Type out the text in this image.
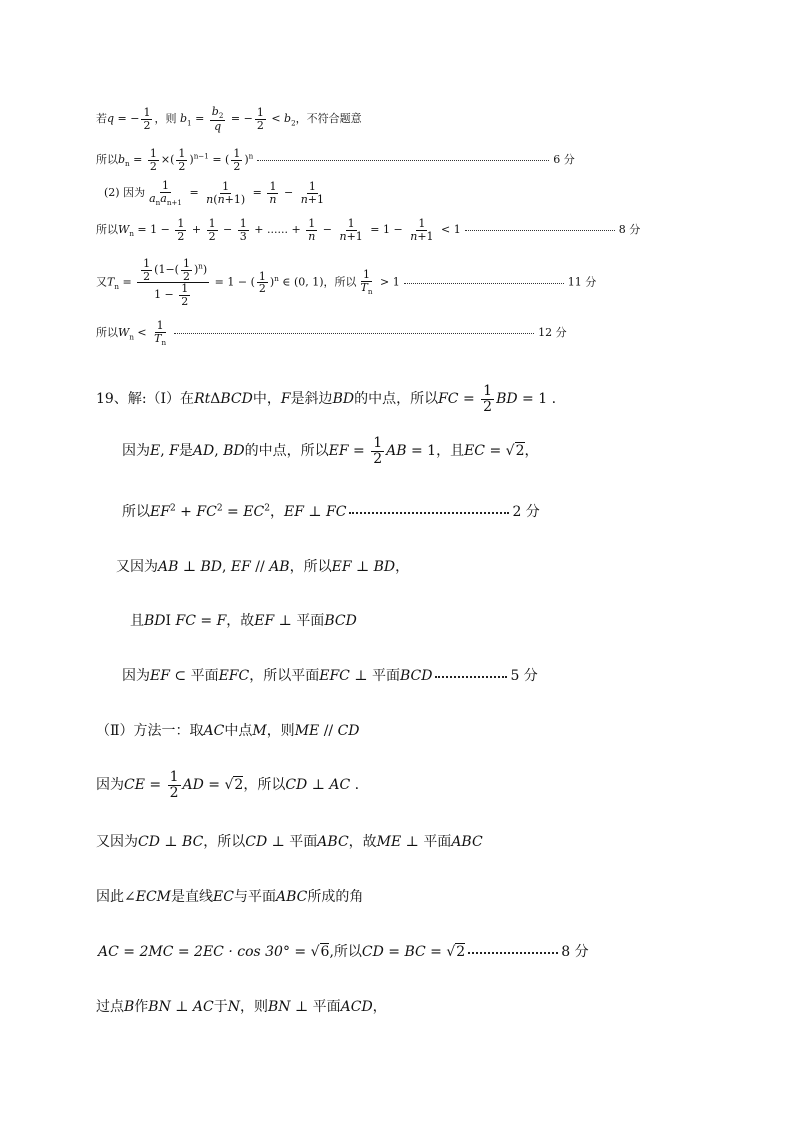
若q = − $\frac{1}{2}$ ，则 $b_1 = \frac{b_2}{q}$ = − $\frac{1}{2} < b_2$，不符合题意
所以$b_n = \frac{1}{2}$ ×( $\frac{1}{2} )^{n-1}$ = ( $\frac{1}{2} )^n$	6 分
(2) 因为 $\frac{1}{a_na_{n+1}} = \frac{1}{n(n+1)} = \frac{1}{n} - \frac{1}{n+1}$
所以$W_n = 1 - \frac{1}{2} + \frac{1}{2} - \frac{1}{3}$ + ...... + $\frac{1}{n} - \frac{1}{n+1} = 1 - \frac{1}{n+1} < 1$	8 分
又$T_n = \frac{\frac{1}{2} (1-( \frac{1}{2} )^n)}{1 - \frac{1}{2}} = 1$ − ( $\frac{1}{2} )^n$ ∈ (0, 1)，所以 $\frac{1}{T_n} > 1$	11 分
所以$W_n < \frac{1}{T_n}$	12 分
19、解:（Ⅰ）在RtΔBCD中，F是斜边BD的中点，所以FC = $\frac{1}{2}$ BD = 1 .
因为E, F是AD, BD的中点，所以EF = $\frac{1}{2}$ AB = 1，且EC = √2，
所以$EF^2 + FC^2 = EC^2$，EF ⊥ FC	2 分
又因为AB ⊥ BD, EF // AB，所以EF ⊥ BD，
且BDⅠ FC = F，故EF ⊥ 平面BCD
因为EF ⊂ 平面EFC，所以平面EFC ⊥ 平面BCD	5 分
（Ⅱ）方法一：取AC中点M，则ME // CD
因为CE = $\frac{1}{2}$ AD = √2，所以CD ⊥ AC .
又因为CD ⊥ BC，所以CD ⊥ 平面ABC，故ME ⊥ 平面ABC
因此∠ECM是直线EC与平面ABC所成的角
AC = 2MC = 2EC · cos 30° = √6,所以CD = BC = √2	8 分
过点B作BN ⊥ AC于N，则BN ⊥ 平面ACD，
